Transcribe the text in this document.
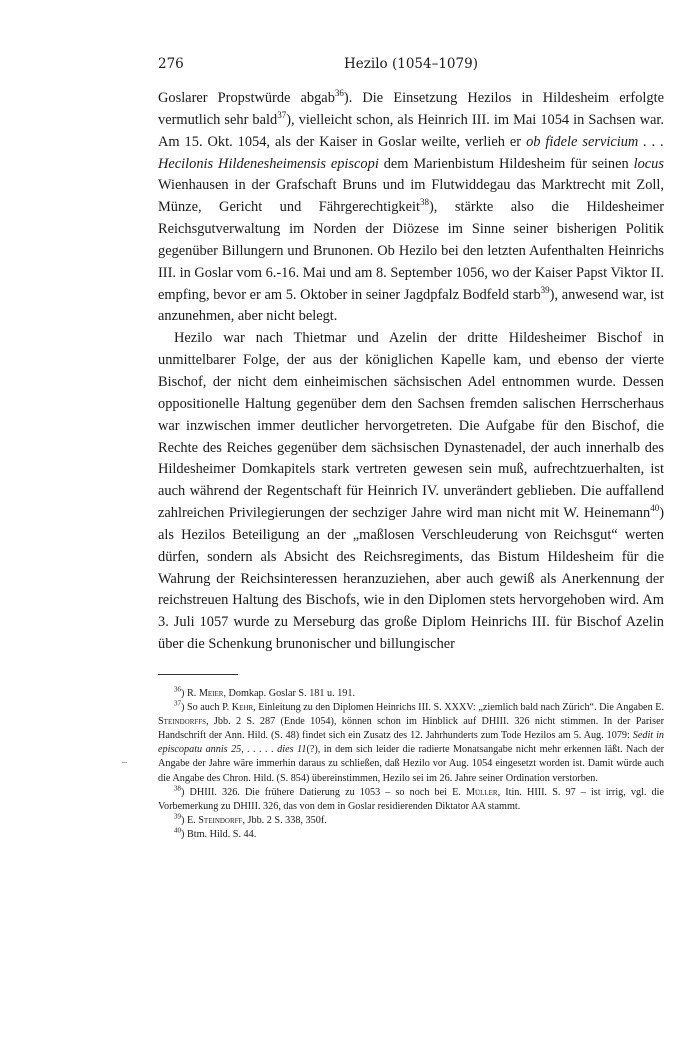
276	Hezilo (1054–1079)

Goslarer Propstwürde abgab$^{36}$). Die Einsetzung Hezilos in Hildesheim erfolgte vermutlich sehr bald$^{37}$), vielleicht schon, als Heinrich III. im Mai 1054 in Sachsen war. Am 15. Okt. 1054, als der Kaiser in Goslar weilte, verlieh er ob fidele servicium . . . Hecilonis Hildenesheimensis episcopi dem Marienbistum Hildesheim für seinen locus Wienhausen in der Grafschaft Bruns und im Flutwiddegau das Marktrecht mit Zoll, Münze, Gericht und Fährgerechtigkeit$^{38}$), stärkte also die Hildesheimer Reichsgutverwaltung im Norden der Diözese im Sinne seiner bisherigen Politik gegenüber Billungern und Brunonen. Ob Hezilo bei den letzten Aufenthalten Heinrichs III. in Goslar vom 6.-16. Mai und am 8. September 1056, wo der Kaiser Papst Viktor II. empfing, bevor er am 5. Oktober in seiner Jagdpfalz Bodfeld starb$^{39}$), anwesend war, ist anzunehmen, aber nicht belegt.

Hezilo war nach Thietmar und Azelin der dritte Hildesheimer Bischof in unmittelbarer Folge, der aus der königlichen Kapelle kam, und ebenso der vierte Bischof, der nicht dem einheimischen sächsischen Adel entnommen wurde. Dessen oppositionelle Haltung gegenüber dem den Sachsen fremden salischen Herrscherhaus war inzwischen immer deutlicher hervorgetreten. Die Aufgabe für den Bischof, die Rechte des Reiches gegenüber dem sächsischen Dynastenadel, der auch innerhalb des Hildesheimer Domkapitels stark vertreten gewesen sein muß, aufrechtzuerhalten, ist auch während der Regentschaft für Heinrich IV. unverändert geblieben. Die auffallend zahlreichen Privilegierungen der sechziger Jahre wird man nicht mit W. Heinemann$^{40}$) als Hezilos Beteiligung an der „maßlosen Verschleuderung von Reichsgut“ werten dürfen, sondern als Absicht des Reichsregiments, das Bistum Hildesheim für die Wahrung der Reichsinteressen heranzuziehen, aber auch gewiß als Anerkennung der reichstreuen Haltung des Bischofs, wie in den Diplomen stets hervorgehoben wird. Am 3. Juli 1057 wurde zu Merseburg das große Diplom Heinrichs III. für Bischof Azelin über die Schenkung brunonischer und billungischer

$^{36}$) R. Meier, Domkap. Goslar S. 181 u. 191.

$^{37}$) So auch P. Kehr, Einleitung zu den Diplomen Heinrichs III. S. XXXV: „ziemlich bald nach Zürich“. Die Angaben E. Steindorffs, Jbb. 2 S. 287 (Ende 1054), können schon im Hinblick auf DHIII. 326 nicht stimmen. In der Pariser Handschrift der Ann. Hild. (S. 48) findet sich ein Zusatz des 12. Jahrhunderts zum Tode Hezilos am 5. Aug. 1079: Sedit in episcopatu annis 25, . . . . . dies 11(?), in dem sich leider die radierte Monatsangabe nicht mehr erkennen läßt. Nach der Angabe der Jahre wäre immerhin daraus zu schließen, daß Hezilo vor Aug. 1054 eingesetzt worden ist. Damit würde auch die Angabe des Chron. Hild. (S. 854) übereinstimmen, Hezilo sei im 26. Jahre seiner Ordination verstorben.

$^{38}$) DHIII. 326. Die frühere Datierung zu 1053 – so noch bei E. Müller, Itin. HIII. S. 97 – ist irrig, vgl. die Vorbemerkung zu DHIII. 326, das von dem in Goslar residierenden Diktator AA stammt.

$^{39}$) E. Steindorff, Jbb. 2 S. 338, 350f.

$^{40}$) Btm. Hild. S. 44.
